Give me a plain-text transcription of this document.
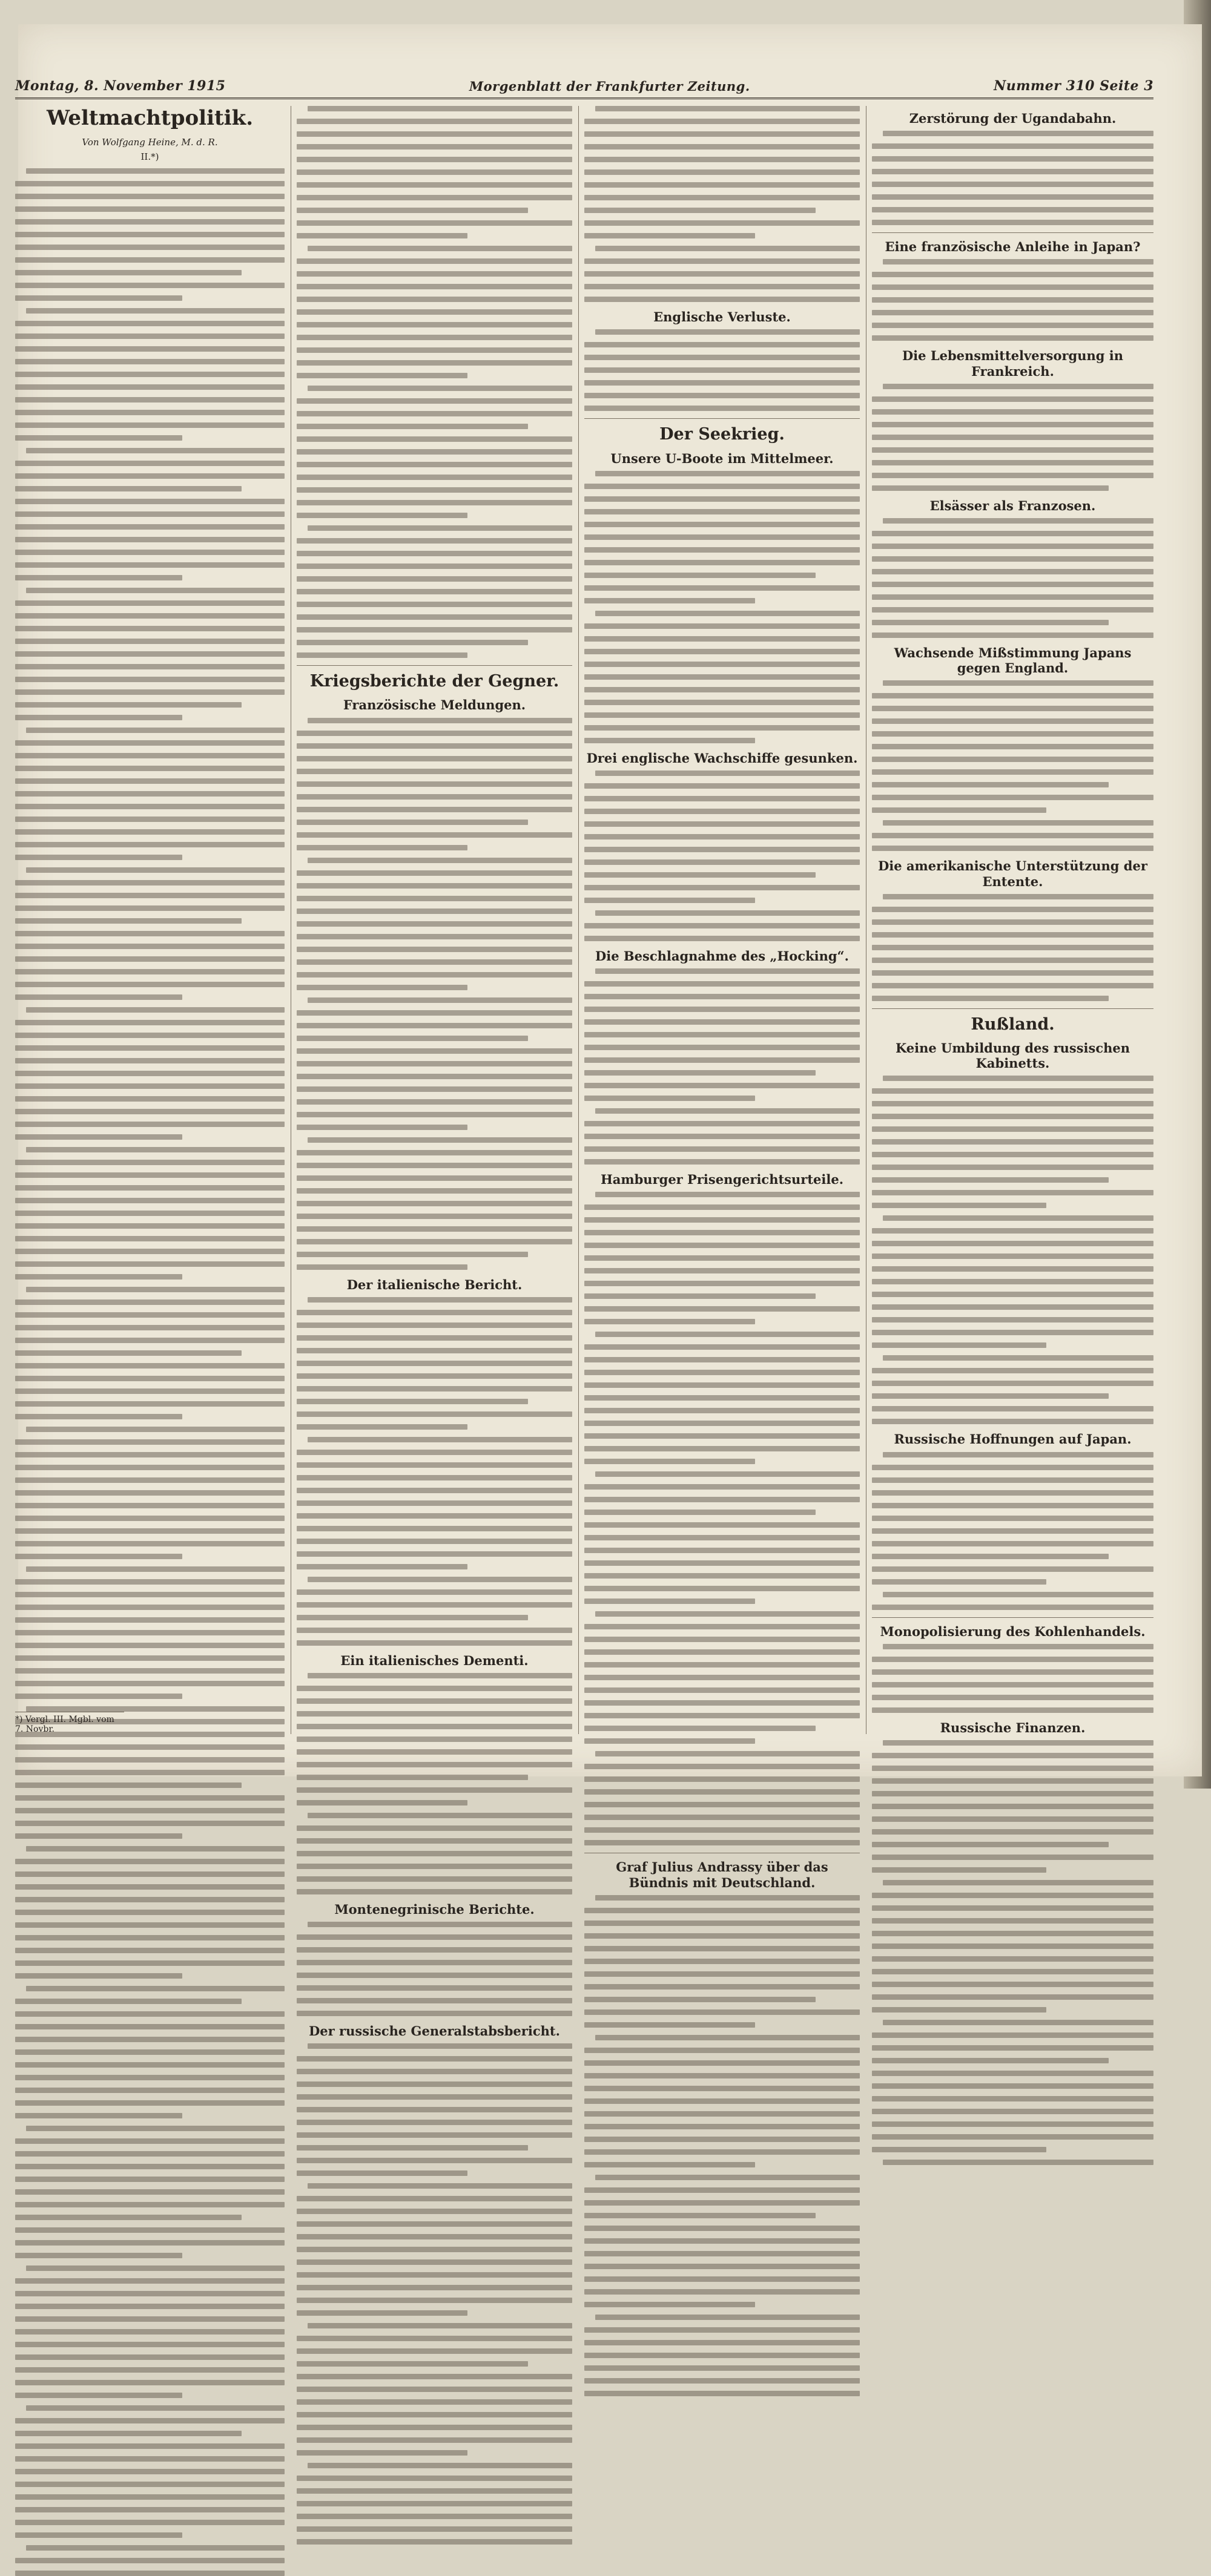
Montag, 8. November 1915	Morgenblatt der Frankfurter Zeitung.	Nummer 310 Seite 3
Weltmachtpolitik.
Von Wolfgang Heine, M. d. R.
II.*)
*) Vergl. III. Mgbl. vom 7. Novbr.
Kriegsberichte der Gegner.
Französische Meldungen.
Der italienische Bericht.
Ein italienisches Dementi.
Montenegrinische Berichte.
Der russische Generalstabsbericht.
Englische Verluste.
Der Seekrieg.
Unsere U-Boote im Mittelmeer.
Drei englische Wachschiffe gesunken.
Die Beschlagnahme des „Hocking“.
Hamburger Prisengerichtsurteile.
Graf Julius Andrassy über das Bündnis mit Deutschland.
Zerstörung der Ugandabahn.
Eine französische Anleihe in Japan?
Die Lebensmittelversorgung in Frankreich.
Elsässer als Franzosen.
Wachsende Mißstimmung Japans gegen England.
Die amerikanische Unterstützung der Entente.
Rußland.
Keine Umbildung des russischen Kabinetts.
Russische Hoffnungen auf Japan.
Monopolisierung des Kohlenhandels.
Russische Finanzen.
